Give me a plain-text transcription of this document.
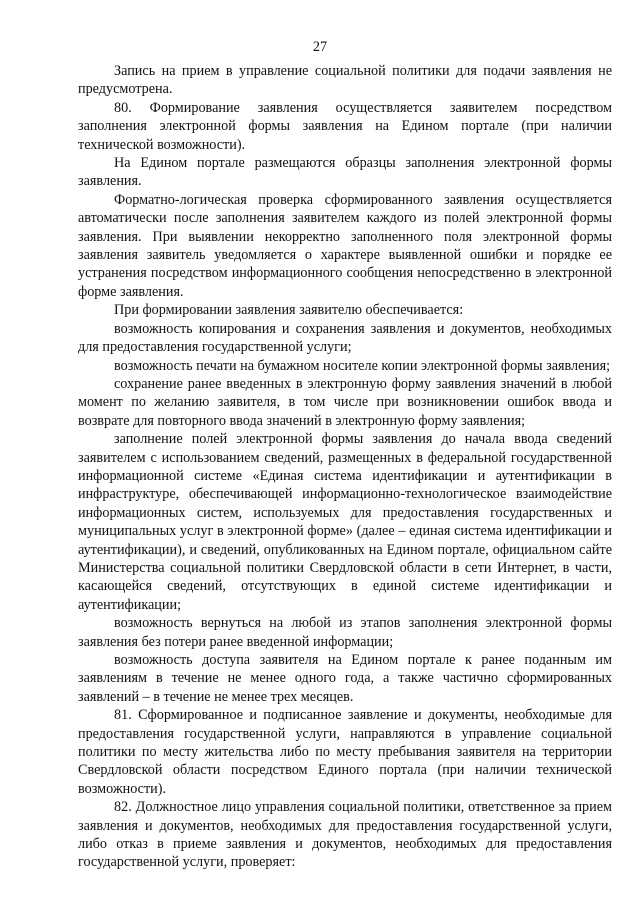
27

Запись на прием в управление социальной политики для подачи заявления не предусмотрена.

80. Формирование заявления осуществляется заявителем посредством заполнения электронной формы заявления на Едином портале (при наличии технической возможности).

На Едином портале размещаются образцы заполнения электронной формы заявления.

Форматно-логическая проверка сформированного заявления осуществляется автоматически после заполнения заявителем каждого из полей электронной формы заявления. При выявлении некорректно заполненного поля электронной формы заявления заявитель уведомляется о характере выявленной ошибки и порядке ее устранения посредством информационного сообщения непосредственно в электронной форме заявления.

При формировании заявления заявителю обеспечивается:

возможность копирования и сохранения заявления и документов, необходимых для предоставления государственной услуги;

возможность печати на бумажном носителе копии электронной формы заявления;

сохранение ранее введенных в электронную форму заявления значений в любой момент по желанию заявителя, в том числе при возникновении ошибок ввода и возврате для повторного ввода значений в электронную форму заявления;

заполнение полей электронной формы заявления до начала ввода сведений заявителем с использованием сведений, размещенных в федеральной государственной информационной системе «Единая система идентификации и аутентификации в инфраструктуре, обеспечивающей информационно-технологическое взаимодействие информационных систем, используемых для предоставления государственных и муниципальных услуг в электронной форме» (далее – единая система идентификации и аутентификации), и сведений, опубликованных на Едином портале, официальном сайте Министерства социальной политики Свердловской области в сети Интернет, в части, касающейся сведений, отсутствующих в единой системе идентификации и аутентификации;

возможность вернуться на любой из этапов заполнения электронной формы заявления без потери ранее введенной информации;

возможность доступа заявителя на Едином портале к ранее поданным им заявлениям в течение не менее одного года, а также частично сформированных заявлений – в течение не менее трех месяцев.

81. Сформированное и подписанное заявление и документы, необходимые для предоставления государственной услуги, направляются в управление социальной политики по месту жительства либо по месту пребывания заявителя на территории Свердловской области посредством Единого портала (при наличии технической возможности).

82. Должностное лицо управления социальной политики, ответственное за прием заявления и документов, необходимых для предоставления государственной услуги, либо отказ в приеме заявления и документов, необходимых для предоставления государственной услуги, проверяет:
